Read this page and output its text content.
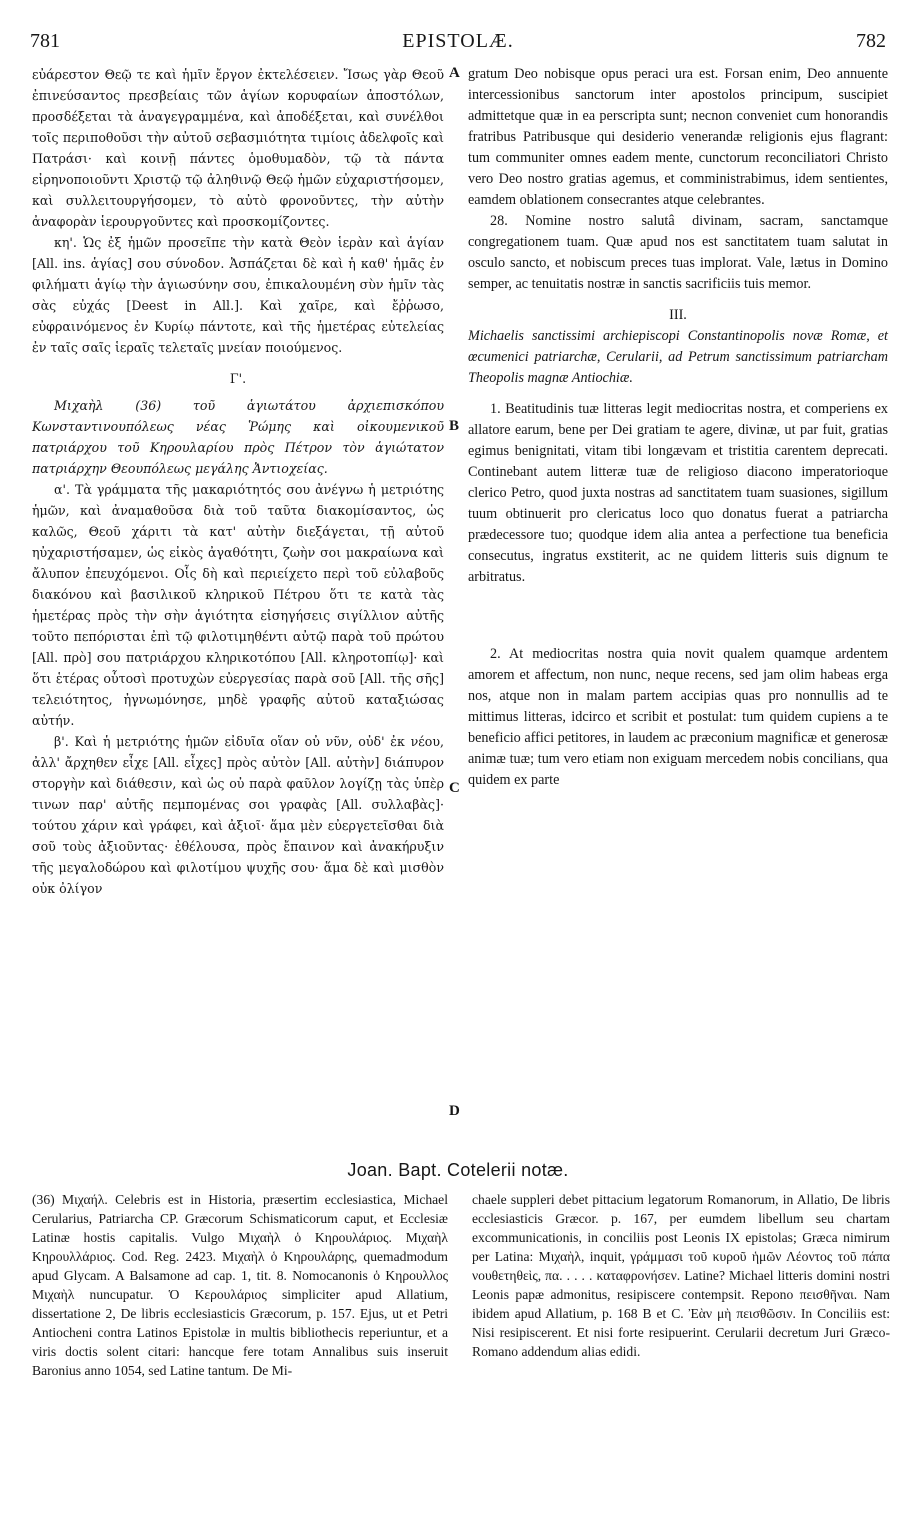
781	EPISTOLÆ.	782

εὐάρεστον Θεῷ τε καὶ ἡμῖν ἔργον ἐκτελέσειεν. Ἴσως γὰρ Θεοῦ ἐπινεύσαντος πρεσβείαις τῶν ἁγίων κορυφαίων ἀποστόλων, προσδέξεται τὰ ἀναγεγραμμένα, καὶ ἀποδέξεται, καὶ συνέλθοι τοῖς περιποθοῦσι τὴν αὐτοῦ σεβασμιότητα τιμίοις ἀδελφοῖς καὶ Πατράσι· καὶ κοινῇ πάντες ὁμοθυμαδὸν, τῷ τὰ πάντα εἰρηνοποιοῦντι Χριστῷ τῷ ἀληθινῷ Θεῷ ἡμῶν εὐχαριστήσομεν, καὶ συλλειτουργήσομεν, τὸ αὐτὸ φρονοῦντες, τὴν αὐτὴν ἀναφορὰν ἱερουργοῦντες καὶ προσκομίζοντες.

κη'. Ὡς ἐξ ἡμῶν προσεῖπε τὴν κατὰ Θεὸν ἱερὰν καὶ ἁγίαν [All. ins. ἁγίας] σου σύνοδον. Ἀσπάζεται δὲ καὶ ἡ καθ' ἡμᾶς ἐν φιλήματι ἁγίῳ τὴν ἁγιωσύνην σου, ἐπικαλουμένη σὺν ἡμῖν τὰς σὰς εὐχάς [Deest in All.]. Καὶ χαῖρε, καὶ ἔῤῥωσο, εὐφραινόμενος ἐν Κυρίῳ πάντοτε, καὶ τῆς ἡμετέρας εὐτελείας ἐν ταῖς σαῖς ἱεραῖς τελεταῖς μνείαν ποιούμενος.

Γ'.

Μιχαὴλ (36) τοῦ ἁγιωτάτου ἀρχιεπισκόπου Κωνσταντινουπόλεως νέας Ῥώμης καὶ οἰκουμενικοῦ πατριάρχου τοῦ Κηρουλαρίου πρὸς Πέτρον τὸν ἁγιώτατον πατριάρχην Θεουπόλεως μεγάλης Ἀντιοχείας.

α'. Τὰ γράμματα τῆς μακαριότητός σου ἀνέγνω ἡ μετριότης ἡμῶν, καὶ ἀναμαθοῦσα διὰ τοῦ ταῦτα διακομίσαντος, ὡς καλῶς, Θεοῦ χάριτι τὰ κατ' αὐτὴν διεξάγεται, τῇ αὐτοῦ ηὐχαριστήσαμεν, ὡς εἰκὸς ἀγαθότητι, ζωὴν σοι μακραίωνα καὶ ἄλυπον ἐπευχόμενοι. Οἷς δὴ καὶ περιείχετο περὶ τοῦ εὐλαβοῦς διακόνου καὶ βασιλικοῦ κληρικοῦ Πέτρου ὅτι τε κατὰ τὰς ἡμετέρας πρὸς τὴν σὴν ἁγιότητα εἰσηγήσεις σιγίλλιον αὐτῆς τοῦτο πεπόρισται ἐπὶ τῷ φιλοτιμηθέντι αὐτῷ παρὰ τοῦ πρώτου [All. πρὸ] σου πατριάρχου κληρικοτόπου [All. κληροτοπίῳ]· καὶ ὅτι ἑτέρας οὗτοσὶ προτυχὼν εὐεργεσίας παρὰ σοῦ [All. τῆς σῆς] τελειότητος, ἠγνωμόνησε, μηδὲ γραφῆς αὐτοῦ καταξιώσας αὐτήν.

β'. Καὶ ἡ μετριότης ἡμῶν εἰδυῖα οἵαν οὐ νῦν, οὐδ' ἐκ νέου, ἀλλ' ἄρχηθεν εἶχε [All. εἶχες] πρὸς αὐτὸν [All. αὐτὴν] διάπυρον στοργὴν καὶ διάθεσιν, καὶ ὡς οὐ παρὰ φαῦλον λογίζῃ τὰς ὑπὲρ τινων παρ' αὐτῆς πεμπομένας σοι γραφὰς [All. συλλαβὰς]· τούτου χάριν καὶ γράφει, καὶ ἀξιοῖ· ἅμα μὲν εὐεργετεῖσθαι διὰ σοῦ τοὺς ἀξιοῦντας· ἐθέλουσα, πρὸς ἔπαινον καὶ ἀνακήρυξιν τῆς μεγαλοδώρου καὶ φιλοτίμου ψυχῆς σου· ἅμα δὲ καὶ μισθὸν οὐκ ὀλίγον

gratum Deo nobisque opus peraci ura est. Forsan enim, Deo annuente intercessionibus sanctorum inter apostolos principum, suscipiet admittetque quæ in ea perscripta sunt; necnon conveniet cum honorandis fratribus Patribusque qui desiderio venerandæ religionis ejus flagrant: tum communiter omnes eadem mente, cunctorum reconciliatori Christo vero Deo nostro gratias agemus, et comministrabimus, idem sentientes, eamdem oblationem consecrantes atque celebrantes.

28. Nomine nostro salutâ divinam, sacram, sanctamque congregationem tuam. Quæ apud nos est sanctitatem tuam salutat in osculo sancto, et nobiscum preces tuas implorat. Vale, lætus in Domino semper, ac tenuitatis nostræ in sanctis sacrificiis tuis memor.

III.

Michaelis sanctissimi archiepiscopi Constantinopolis novæ Romæ, et œcumenici patriarchæ, Cerularii, ad Petrum sanctissimum patriarcham Theopolis magnæ Antiochiæ.

1. Beatitudinis tuæ litteras legit mediocritas nostra, et comperiens ex allatore earum, bene per Dei gratiam te agere, divinæ, ut par fuit, gratias egimus benignitati, vitam tibi longævam et tristitia carentem deprecati. Continebant autem litteræ tuæ de religioso diacono imperatorioque clerico Petro, quod juxta nostras ad sanctitatem tuam suasiones, sigillum tuum obtinuerit pro clericatus loco quo donatus fuerat a patriarcha prædecessore tuo; quodque idem alia antea a perfectione tua beneficia consecutus, ingratus exstiterit, ac ne quidem litteris suis dignum te arbitratus.

2. At mediocritas nostra quia novit qualem quamque ardentem amorem et affectum, non nunc, neque recens, sed jam olim habeas erga nos, atque non in malam partem accipias quas pro nonnullis ad te mittimus litteras, idcirco et scribit et postulat: tum quidem cupiens a te beneficio affici petitores, in laudem ac præconium magnificæ et generosæ animæ tuæ; tum vero etiam non exiguam mercedem nobis concilians, qua quidem ex parte

A
B
C
D
Joan. Bapt. Cotelerii notæ.

(36) Μιχαήλ. Celebris est in Historia, præsertim ecclesiastica, Michael Cerularius, Patriarcha CP. Græcorum Schismaticorum caput, et Ecclesiæ Latinæ hostis capitalis. Vulgo Μιχαὴλ ὁ Κηρουλάριος. Μιχαὴλ Κηρουλλάριος. Cod. Reg. 2423. Μιχαὴλ ὁ Κηρουλάρης, quemadmodum apud Glycam. A Balsamone ad cap. 1, tit. 8. Nomocanonis ὁ Κηρουλλος Μιχαὴλ nuncupatur. Ὁ Κερουλάριος simpliciter apud Allatium, dissertatione 2, De libris ecclesiasticis Græcorum, p. 157. Ejus, ut et Petri Antiocheni contra Latinos Epistolæ in multis bibliothecis reperiuntur, et a viris doctis solent citari: hancque fere totam Annalibus suis inseruit Baronius anno 1054, sed Latine tantum. De Mi-

chaele suppleri debet pittacium legatorum Romanorum, in Allatio, De libris ecclesiasticis Græcor. p. 167, per eumdem libellum seu chartam excommunicationis, in conciliis post Leonis IX epistolas; Græca nimirum per Latina: Μιχαὴλ, inquit, γράμμασι τοῦ κυροῦ ἡμῶν Λέοντος τοῦ πάπα νουθετηθεὶς, πα. . . . . καταφρονήσεν. Latine? Michael litteris domini nostri Leonis papæ admonitus, resipiscere contempsit. Repono πεισθῆναι. Nam ibidem apud Allatium, p. 168 B et C. Ἐὰν μὴ πεισθῶσιν. In Conciliis est: Nisi resipiscerent. Et nisi forte resipuerint. Cerularii decretum Juri Græco-Romano addendum alias edidi.
